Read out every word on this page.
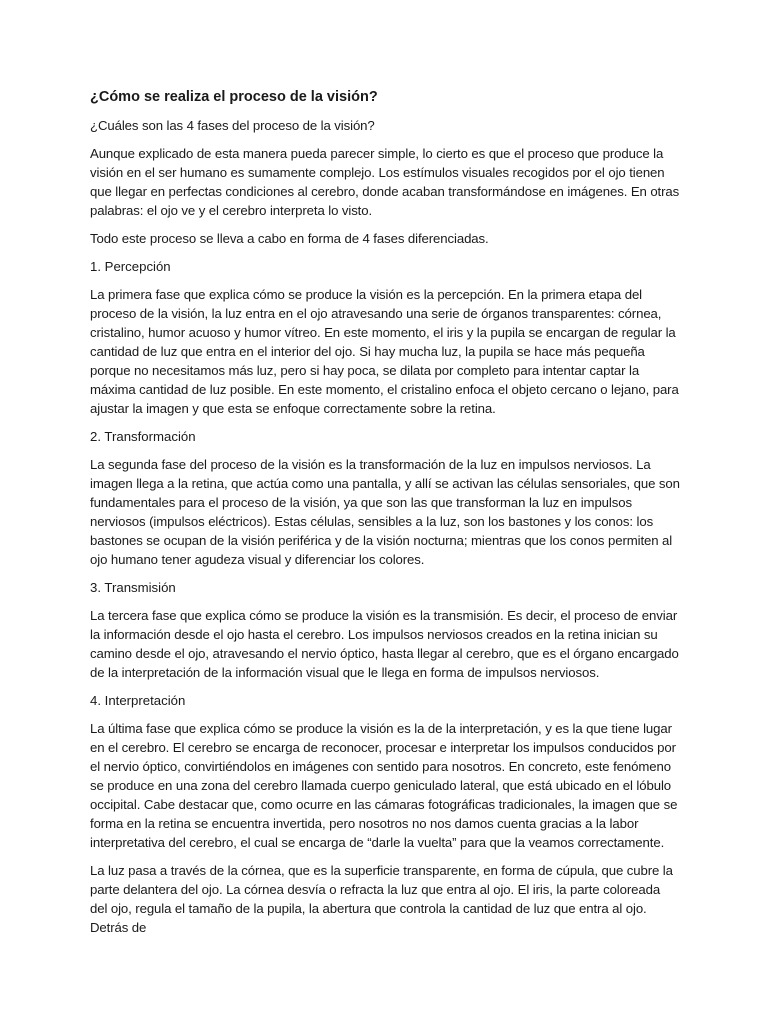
¿Cómo se realiza el proceso de la visión?

¿Cuáles son las 4 fases del proceso de la visión?

Aunque explicado de esta manera pueda parecer simple, lo cierto es que el proceso que produce la visión en el ser humano es sumamente complejo. Los estímulos visuales recogidos por el ojo tienen que llegar en perfectas condiciones al cerebro, donde acaban transformándose en imágenes. En otras palabras: el ojo ve y el cerebro interpreta lo visto.

Todo este proceso se lleva a cabo en forma de 4 fases diferenciadas.

1. Percepción

La primera fase que explica cómo se produce la visión es la percepción. En la primera etapa del proceso de la visión, la luz entra en el ojo atravesando una serie de órganos transparentes: córnea, cristalino, humor acuoso y humor vítreo. En este momento, el iris y la pupila se encargan de regular la cantidad de luz que entra en el interior del ojo. Si hay mucha luz, la pupila se hace más pequeña porque no necesitamos más luz, pero si hay poca, se dilata por completo para intentar captar la máxima cantidad de luz posible. En este momento, el cristalino enfoca el objeto cercano o lejano, para ajustar la imagen y que esta se enfoque correctamente sobre la retina.

2. Transformación

La segunda fase del proceso de la visión es la transformación de la luz en impulsos nerviosos. La imagen llega a la retina, que actúa como una pantalla, y allí se activan las células sensoriales, que son fundamentales para el proceso de la visión, ya que son las que transforman la luz en impulsos nerviosos (impulsos eléctricos). Estas células, sensibles a la luz, son los bastones y los conos: los bastones se ocupan de la visión periférica y de la visión nocturna; mientras que los conos permiten al ojo humano tener agudeza visual y diferenciar los colores.

3. Transmisión

La tercera fase que explica cómo se produce la visión es la transmisión. Es decir, el proceso de enviar la información desde el ojo hasta el cerebro. Los impulsos nerviosos creados en la retina inician su camino desde el ojo, atravesando el nervio óptico, hasta llegar al cerebro, que es el órgano encargado de la interpretación de la información visual que le llega en forma de impulsos nerviosos.

4. Interpretación

La última fase que explica cómo se produce la visión es la de la interpretación, y es la que tiene lugar en el cerebro. El cerebro se encarga de reconocer, procesar e interpretar los impulsos conducidos por el nervio óptico, convirtiéndolos en imágenes con sentido para nosotros. En concreto, este fenómeno se produce en una zona del cerebro llamada cuerpo geniculado lateral, que está ubicado en el lóbulo occipital. Cabe destacar que, como ocurre en las cámaras fotográficas tradicionales, la imagen que se forma en la retina se encuentra invertida, pero nosotros no nos damos cuenta gracias a la labor interpretativa del cerebro, el cual se encarga de “darle la vuelta” para que la veamos correctamente.

La luz pasa a través de la córnea, que es la superficie transparente, en forma de cúpula, que cubre la parte delantera del ojo. La córnea desvía o refracta la luz que entra al ojo. El iris, la parte coloreada del ojo, regula el tamaño de la pupila, la abertura que controla la cantidad de luz que entra al ojo. Detrás de
